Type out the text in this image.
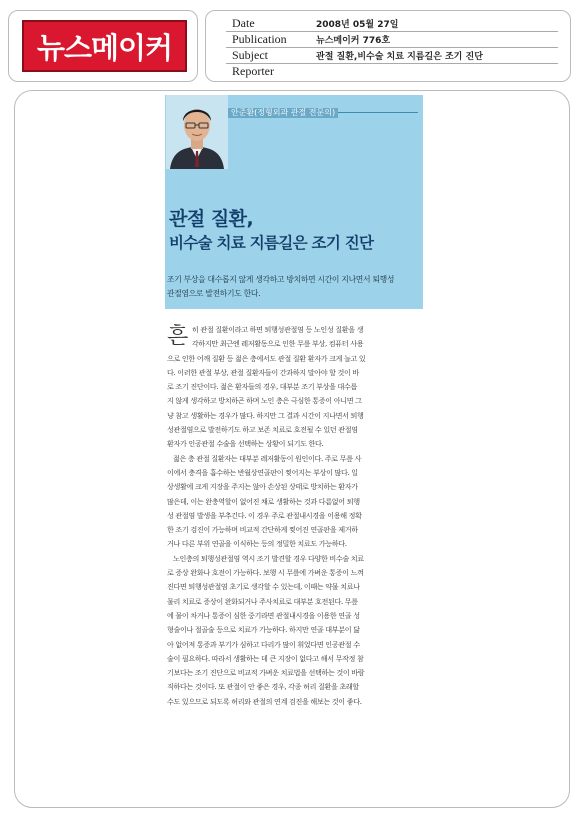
뉴스메이커
Date	2008년 05월 27일
Publication	뉴스메이커 776호
Subject	관절 질환,비수술 치료 지름길은 조기 진단
Reporter
안준환(정형외과 관절 전문의)
관절 질환,
비수술 치료 지름길은 조기 진단
조기 부상을 대수롭지 않게 생각하고 방치하면 시간이 지나면서 퇴행성
관절염으로 발전하기도 한다.
흔 히 관절 질환이라고 하면 퇴행성관절염 등 노인성 질환을 생
각하지만 최근엔 레저활동으로 인한 무릎 부상, 컴퓨터 사용
으로 인한 어깨 질환 등 젊은 층에서도 관절 질환 환자가 크게 늘고 있
다. 이러한 관절 부상, 관절 질환자들이 간과하지 말아야 할 것이 바
로 조기 진단이다. 젊은 환자들의 경우, 대부분 조기 부상을 대수롭
지 않게 생각하고 방치하곤 하며 노인 층은 극심한 통증이 아니면 그
냥 참고 생활하는 경우가 많다. 하지만 그 결과 시간이 지나면서 퇴행
성관절염으로 발전하기도 하고 보존 치료로 호전될 수 있던 관절염
환자가 인공관절 수술을 선택하는 상황이 되기도 한다.
젊은 층 관절 질환자는 대부분 레저활동이 원인이다. 주로 무릎 사
이에서 충격을 흡수하는 반월상연골판이 찢어지는 부상이 많다. 일
상생활에 크게 지장을 주지는 않아 손상된 상태로 방치하는 환자가
많은데, 이는 완충역할이 없어진 채로 생활하는 것과 다름없어 퇴행
성 관절염 발생을 부추긴다. 이 경우 주로 관절내시경을 이용해 정확
한 조기 검진이 가능하며 비교적 간단하게 찢어진 연골판을 제거하
거나 다른 부위 연골을 이식하는 등의 정밀한 치료도 가능하다.
노인층의 퇴행성관절염 역시 조기 발견할 경우 다양한 비수술 치료
로 증상 완화나 호전이 가능하다. 보행 시 무릎에 가벼운 통증이 느껴
진다면 퇴행성관절염 초기로 생각할 수 있는데, 이때는 약물 치료나
물리 치료로 증상이 완화되거나 주사치료로 대부분 호전된다. 무릎
에 물이 차거나 통증이 심한 중기라면 관절내시경을 이용한 연골 성
형술이나 절골술 등으로 치료가 가능하다. 하지만 연골 대부분이 닳
아 없어져 통증과 부기가 심하고 다리가 많이 휘었다면 인공관절 수
술이 필요하다. 따라서 생활하는 데 큰 지장이 없다고 해서 무작정 참
기보다는 조기 진단으로 비교적 가벼운 치료법을 선택하는 것이 바람
직하다는 것이다. 또 관절이 안 좋은 경우, 각종 허리 질환을 초래할
수도 있으므로 되도록 허리와 관절의 연계 검진을 해보는 것이 좋다.
